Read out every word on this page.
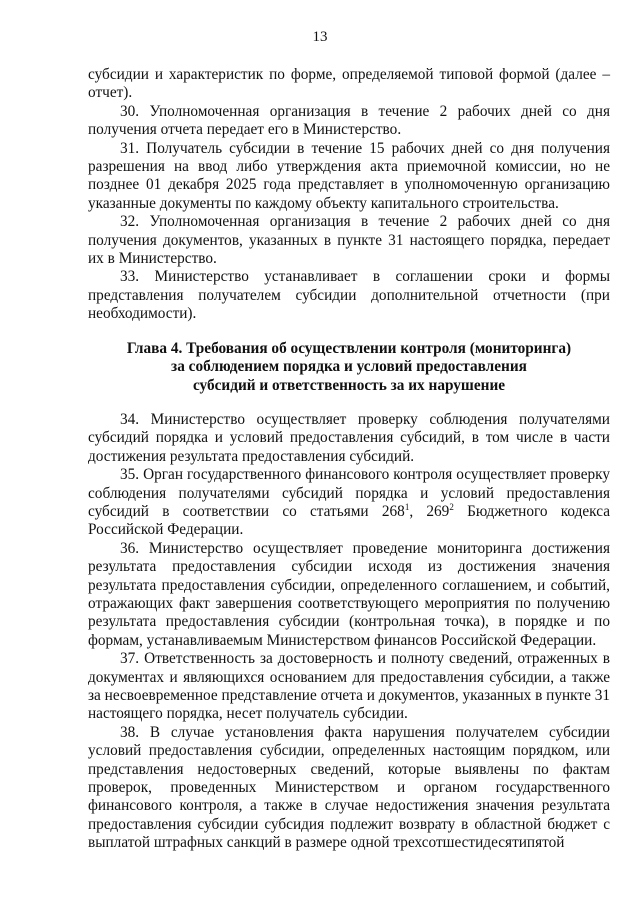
13

субсидии и характеристик по форме, определяемой типовой формой (далее – отчет).

30. Уполномоченная организация в течение 2 рабочих дней со дня получения отчета передает его в Министерство.

31. Получатель субсидии в течение 15 рабочих дней со дня получения разрешения на ввод либо утверждения акта приемочной комиссии, но не позднее 01 декабря 2025 года представляет в уполномоченную организацию указанные документы по каждому объекту капитального строительства.

32. Уполномоченная организация в течение 2 рабочих дней со дня получения документов, указанных в пункте 31 настоящего порядка, передает их в Министерство.

33. Министерство устанавливает в соглашении сроки и формы представления получателем субсидии дополнительной отчетности (при необходимости).

Глава 4. Требования об осуществлении контроля (мониторинга)
за соблюдением порядка и условий предоставления
субсидий и ответственность за их нарушение

34. Министерство осуществляет проверку соблюдения получателями субсидий порядка и условий предоставления субсидий, в том числе в части достижения результата предоставления субсидий.

35. Орган государственного финансового контроля осуществляет проверку соблюдения получателями субсидий порядка и условий предоставления субсидий в соответствии со статьями $268^1$, $269^2$ Бюджетного кодекса Российской Федерации.

36. Министерство осуществляет проведение мониторинга достижения результата предоставления субсидии исходя из достижения значения результата предоставления субсидии, определенного соглашением, и событий, отражающих факт завершения соответствующего мероприятия по получению результата предоставления субсидии (контрольная точка), в порядке и по формам, устанавливаемым Министерством финансов Российской Федерации.

37. Ответственность за достоверность и полноту сведений, отраженных в документах и являющихся основанием для предоставления субсидии, а также за несвоевременное представление отчета и документов, указанных в пункте 31 настоящего порядка, несет получатель субсидии.

38. В случае установления факта нарушения получателем субсидии условий предоставления субсидии, определенных настоящим порядком, или представления недостоверных сведений, которые выявлены по фактам проверок, проведенных Министерством и органом государственного финансового контроля, а также в случае недостижения значения результата предоставления субсидии субсидия подлежит возврату в областной бюджет с выплатой штрафных санкций в размере одной трехсотшестидесятипятой
